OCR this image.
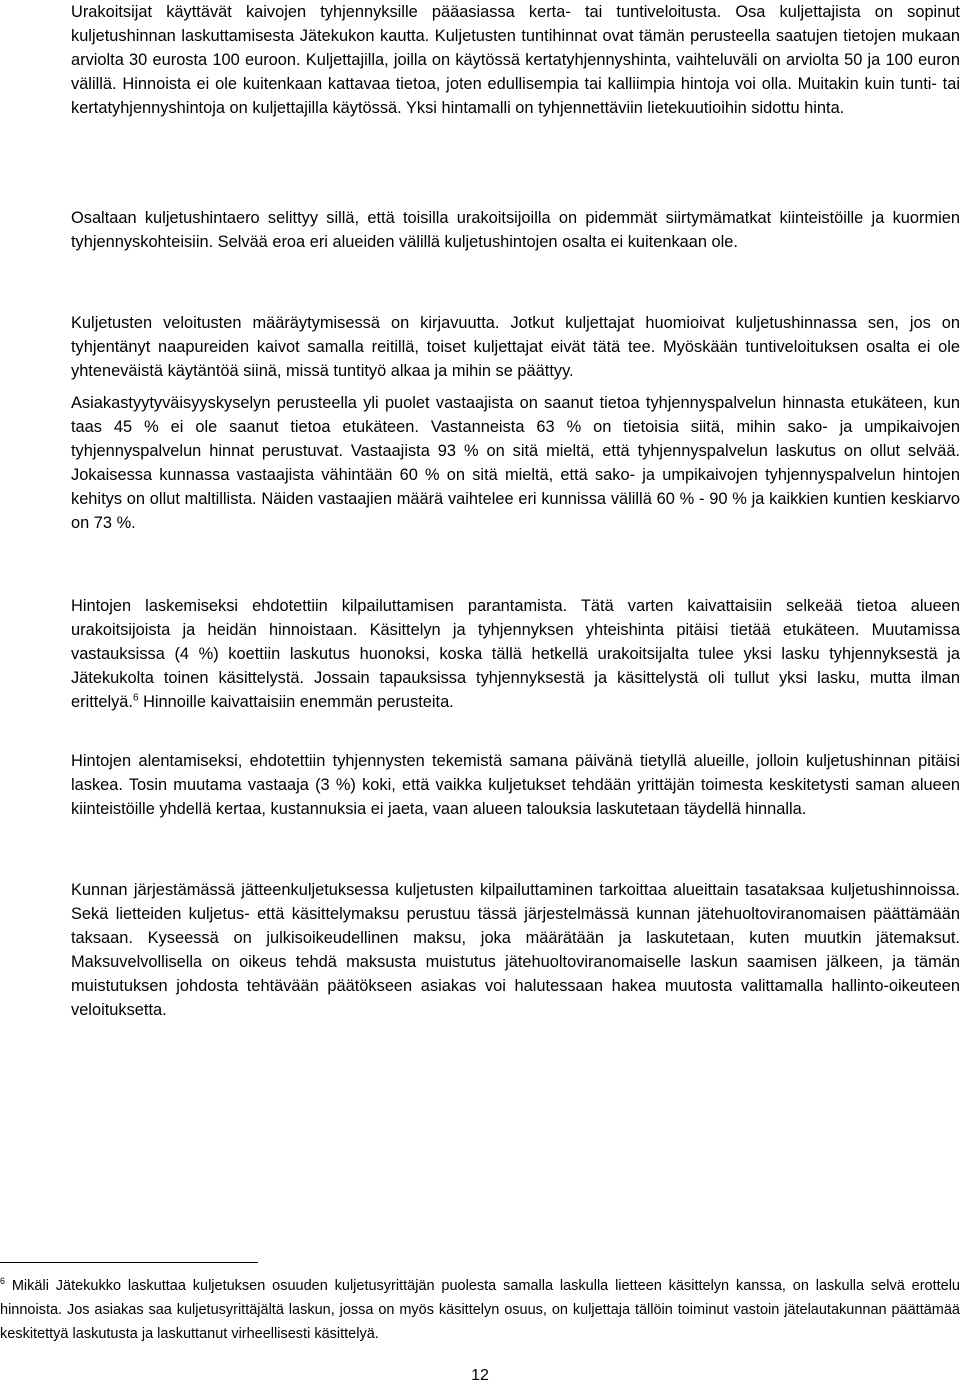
Urakoitsijat käyttävät kaivojen tyhjennyksille pääasiassa kerta- tai tuntiveloitusta. Osa kuljettajista on sopinut kuljetushinnan laskuttamisesta Jätekukon kautta. Kuljetusten tuntihinnat ovat tämän perusteella saatujen tietojen mukaan arviolta 30 eurosta 100 euroon. Kuljettajilla, joilla on käytössä kertatyhjennyshinta, vaihteluväli on arviolta 50 ja 100 euron välillä. Hinnoista ei ole kuitenkaan kattavaa tietoa, joten edullisempia tai kalliimpia hintoja voi olla. Muitakin kuin tunti- tai kertatyhjennyshintoja on kuljettajilla käytössä. Yksi hintamalli on tyhjennettäviin lietekuutioihin sidottu hinta.

Osaltaan kuljetushintaero selittyy sillä, että toisilla urakoitsijoilla on pidemmät siirtymämatkat kiinteistöille ja kuormien tyhjennyskohteisiin. Selvää eroa eri alueiden välillä kuljetushintojen osalta ei kuitenkaan ole.

Kuljetusten veloitusten määräytymisessä on kirjavuutta. Jotkut kuljettajat huomioivat kuljetushinnassa sen, jos on tyhjentänyt naapureiden kaivot samalla reitillä, toiset kuljettajat eivät tätä tee. Myöskään tuntiveloituksen osalta ei ole yhteneväistä käytäntöä siinä, missä tuntityö alkaa ja mihin se päättyy.

Asiakastyytyväisyyskyselyn perusteella yli puolet vastaajista on saanut tietoa tyhjennyspalvelun hinnasta etukäteen, kun taas 45 % ei ole saanut tietoa etukäteen. Vastanneista 63 % on tietoisia siitä, mihin sako- ja umpikaivojen tyhjennyspalvelun hinnat perustuvat. Vastaajista 93 % on sitä mieltä, että tyhjennyspalvelun laskutus on ollut selvää. Jokaisessa kunnassa vastaajista vähintään 60 % on sitä mieltä, että sako- ja umpikaivojen tyhjennyspalvelun hintojen kehitys on ollut maltillista. Näiden vastaajien määrä vaihtelee eri kunnissa välillä 60 % - 90 % ja kaikkien kuntien keskiarvo on 73 %.

Hintojen laskemiseksi ehdotettiin kilpailuttamisen parantamista. Tätä varten kaivattaisiin selkeää tietoa alueen urakoitsijoista ja heidän hinnoistaan. Käsittelyn ja tyhjennyksen yhteishinta pitäisi tietää etukäteen. Muutamissa vastauksissa (4 %) koettiin laskutus huonoksi, koska tällä hetkellä urakoitsijalta tulee yksi lasku tyhjennyksestä ja Jätekukolta toinen käsittelystä. Jossain tapauksissa tyhjennyksestä ja käsittelystä oli tullut yksi lasku, mutta ilman erittelyä.$^6$ Hinnoille kaivattaisiin enemmän perusteita.

Hintojen alentamiseksi, ehdotettiin tyhjennysten tekemistä samana päivänä tietyllä alueille, jolloin kuljetushinnan pitäisi laskea. Tosin muutama vastaaja (3 %) koki, että vaikka kuljetukset tehdään yrittäjän toimesta keskitetysti saman alueen kiinteistöille yhdellä kertaa, kustannuksia ei jaeta, vaan alueen talouksia laskutetaan täydellä hinnalla.

Kunnan järjestämässä jätteenkuljetuksessa kuljetusten kilpailuttaminen tarkoittaa alueittain tasataksaa kuljetushinnoissa. Sekä lietteiden kuljetus- että käsittelymaksu perustuu tässä järjestelmässä kunnan jätehuoltoviranomaisen päättämään taksaan. Kyseessä on julkisoikeudellinen maksu, joka määrätään ja laskutetaan, kuten muutkin jätemaksut. Maksuvelvollisella on oikeus tehdä maksusta muistutus jätehuoltoviranomaiselle laskun saamisen jälkeen, ja tämän muistutuksen johdosta tehtävään päätökseen asiakas voi halutessaan hakea muutosta valittamalla hallinto-oikeuteen veloituksetta.

$^6$ Mikäli Jätekukko laskuttaa kuljetuksen osuuden kuljetusyrittäjän puolesta samalla laskulla lietteen käsittelyn kanssa, on laskulla selvä erottelu hinnoista. Jos asiakas saa kuljetusyrittäjältä laskun, jossa on myös käsittelyn osuus, on kuljettaja tällöin toiminut vastoin jätelautakunnan päättämää keskitettyä laskutusta ja laskuttanut virheellisesti käsittelyä.

12
